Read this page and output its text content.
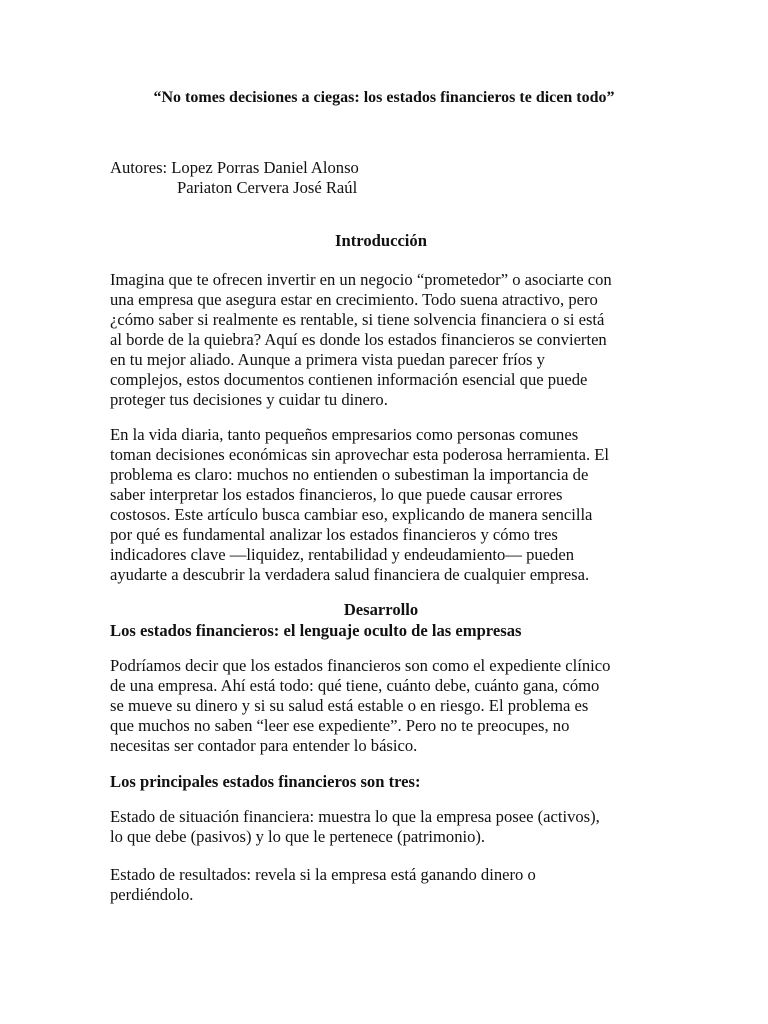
“No tomes decisiones a ciegas: los estados financieros te dicen todo”
Autores: Lopez Porras Daniel Alonso
Pariaton Cervera José Raúl
Introducción
Imagina que te ofrecen invertir en un negocio “prometedor” o asociarte con
una empresa que asegura estar en crecimiento. Todo suena atractivo, pero
¿cómo saber si realmente es rentable, si tiene solvencia financiera o si está
al borde de la quiebra? Aquí es donde los estados financieros se convierten
en tu mejor aliado. Aunque a primera vista puedan parecer fríos y
complejos, estos documentos contienen información esencial que puede
proteger tus decisiones y cuidar tu dinero.
En la vida diaria, tanto pequeños empresarios como personas comunes
toman decisiones económicas sin aprovechar esta poderosa herramienta. El
problema es claro: muchos no entienden o subestiman la importancia de
saber interpretar los estados financieros, lo que puede causar errores
costosos. Este artículo busca cambiar eso, explicando de manera sencilla
por qué es fundamental analizar los estados financieros y cómo tres
indicadores clave —liquidez, rentabilidad y endeudamiento— pueden
ayudarte a descubrir la verdadera salud financiera de cualquier empresa.
Desarrollo
Los estados financieros: el lenguaje oculto de las empresas
Podríamos decir que los estados financieros son como el expediente clínico
de una empresa. Ahí está todo: qué tiene, cuánto debe, cuánto gana, cómo
se mueve su dinero y si su salud está estable o en riesgo. El problema es
que muchos no saben “leer ese expediente”. Pero no te preocupes, no
necesitas ser contador para entender lo básico.
Los principales estados financieros son tres:
Estado de situación financiera: muestra lo que la empresa posee (activos),
lo que debe (pasivos) y lo que le pertenece (patrimonio).
Estado de resultados: revela si la empresa está ganando dinero o
perdiéndolo.
